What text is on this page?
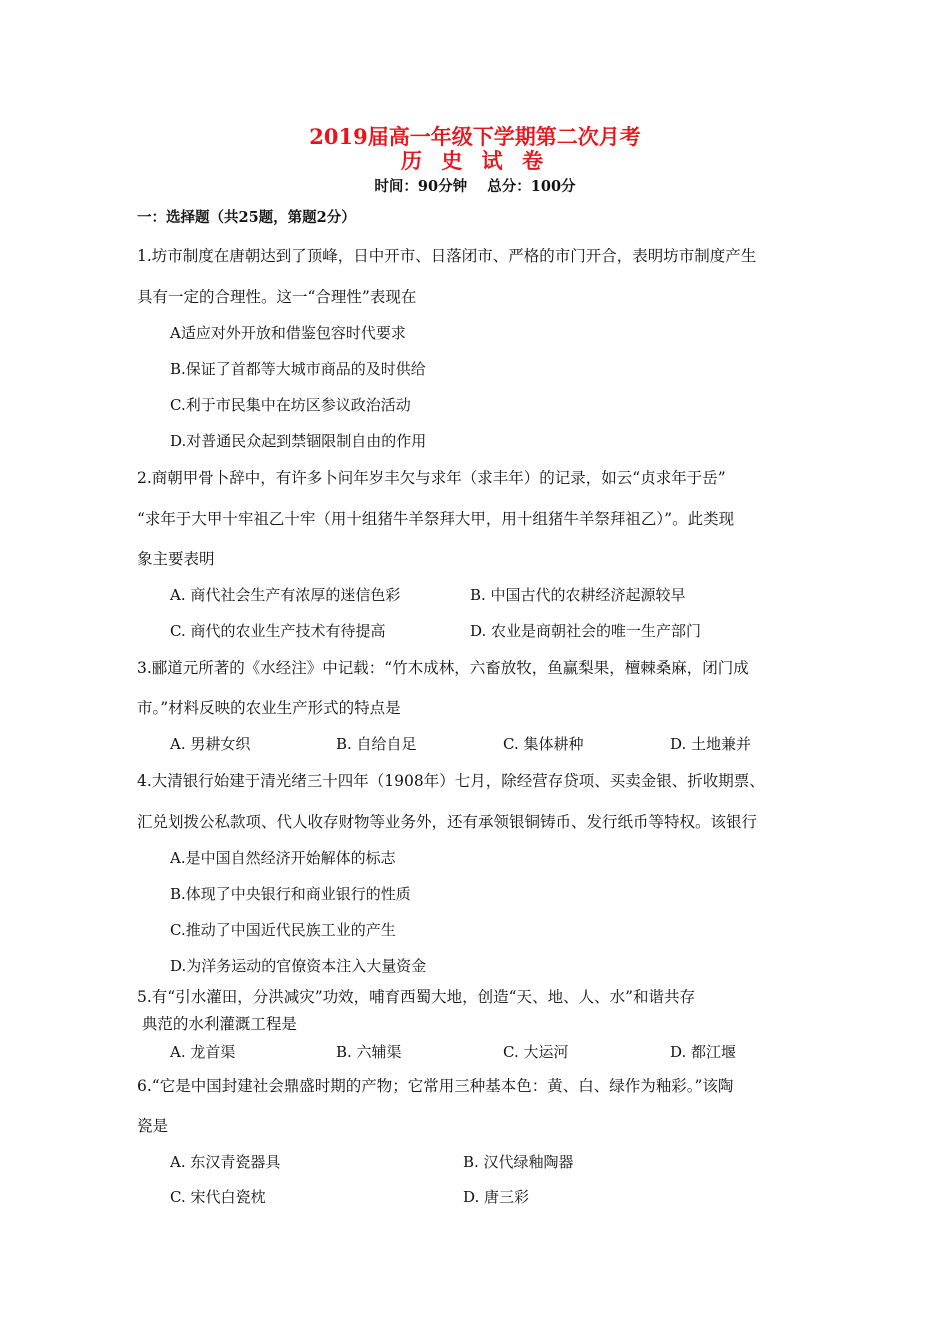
2019届高一年级下学期第二次月考
历 史 试 卷
时间：90分钟    总分：100分
一：选择题（共25题，第题2分）
1.坊市制度在唐朝达到了顶峰，日中开市、日落闭市、严格的市门开合，表明坊市制度产生
具有一定的合理性。这一“合理性”表现在
A适应对外开放和借鉴包容时代要求
B.保证了首都等大城市商品的及时供给
C.利于市民集中在坊区参议政治活动
D.对普通民众起到禁锢限制自由的作用
2.商朝甲骨卜辞中，有许多卜问年岁丰欠与求年（求丰年）的记录，如云“贞求年于岳”
“求年于大甲十牢祖乙十牢（用十组猪牛羊祭拜大甲，用十组猪牛羊祭拜祖乙）”。此类现
象主要表明
A. 商代社会生产有浓厚的迷信色彩	B. 中国古代的农耕经济起源较早
C. 商代的农业生产技术有待提高	D. 农业是商朝社会的唯一生产部门
3.郦道元所著的《水经注》中记载：“竹木成林，六畜放牧，鱼赢梨果，檀棘桑麻，闭门成
市。”材料反映的农业生产形式的特点是
A. 男耕女织	B. 自给自足	C. 集体耕种	D. 土地兼并
4.大清银行始建于清光绪三十四年（1908年）七月，除经营存贷项、买卖金银、折收期票、
汇兑划拨公私款项、代人收存财物等业务外，还有承领银铜铸币、发行纸币等特权。该银行
A.是中国自然经济开始解体的标志
B.体现了中央银行和商业银行的性质
C.推动了中国近代民族工业的产生
D.为洋务运动的官僚资本注入大量资金
5.有“引水灌田，分洪减灾”功效，哺育西蜀大地，创造“天、地、人、水”和谐共存
典范的水利灌溉工程是
A. 龙首渠	B. 六辅渠	C. 大运河	D. 都江堰
6.“它是中国封建社会鼎盛时期的产物；它常用三种基本色：黄、白、绿作为釉彩。”该陶
瓷是
A. 东汉青瓷器具	B. 汉代绿釉陶器
C. 宋代白瓷枕	D. 唐三彩
